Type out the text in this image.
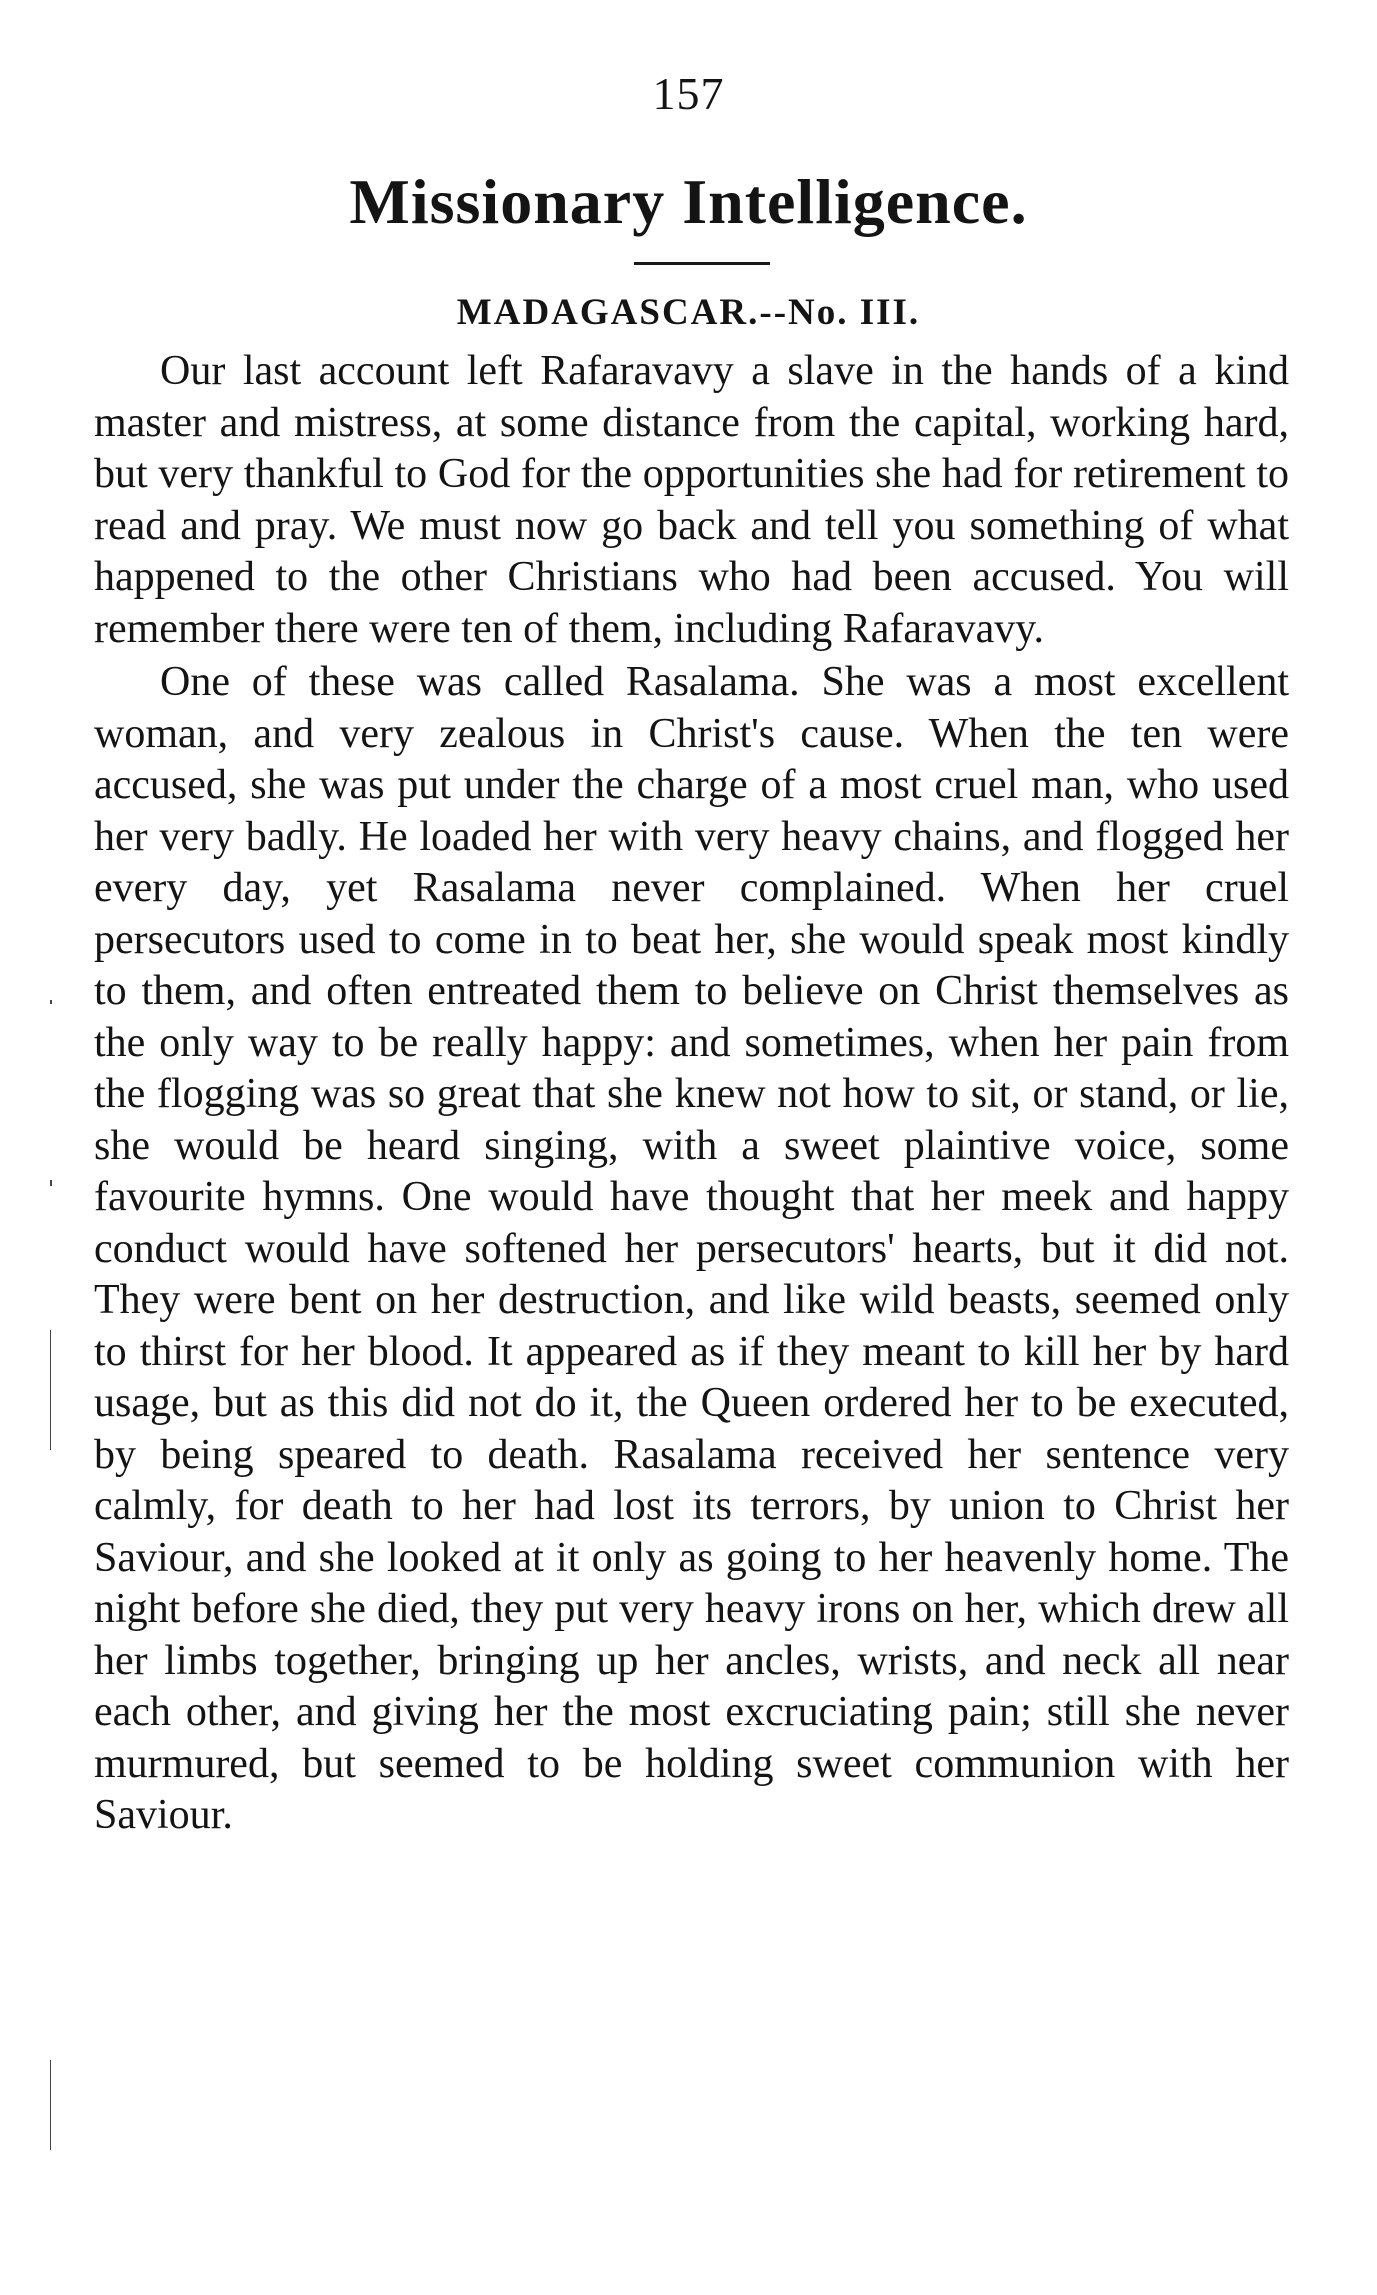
157
Missionary Intelligence.
MADAGASCAR.--No. III.

Our last account left Rafaravavy a slave in the hands of a kind master and mistress, at some distance from the capital, working hard, but very thankful to God for the opportunities she had for retirement to read and pray. We must now go back and tell you something of what happened to the other Christians who had been accused. You will remember there were ten of them, including Rafaravavy.

One of these was called Rasalama. She was a most excellent woman, and very zealous in Christ's cause. When the ten were accused, she was put under the charge of a most cruel man, who used her very badly. He loaded her with very heavy chains, and flogged her every day, yet Rasalama never complained. When her cruel persecutors used to come in to beat her, she would speak most kindly to them, and often entreated them to believe on Christ themselves as the only way to be really happy: and sometimes, when her pain from the flogging was so great that she knew not how to sit, or stand, or lie, she would be heard singing, with a sweet plaintive voice, some favourite hymns. One would have thought that her meek and happy conduct would have softened her persecutors' hearts, but it did not. They were bent on her destruction, and like wild beasts, seemed only to thirst for her blood. It appeared as if they meant to kill her by hard usage, but as this did not do it, the Queen ordered her to be executed, by being speared to death. Rasalama received her sentence very calmly, for death to her had lost its terrors, by union to Christ her Saviour, and she looked at it only as going to her heavenly home. The night before she died, they put very heavy irons on her, which drew all her limbs together, bringing up her ancles, wrists, and neck all near each other, and giving her the most excruciating pain; still she never murmured, but seemed to be holding sweet communion with her Saviour.
